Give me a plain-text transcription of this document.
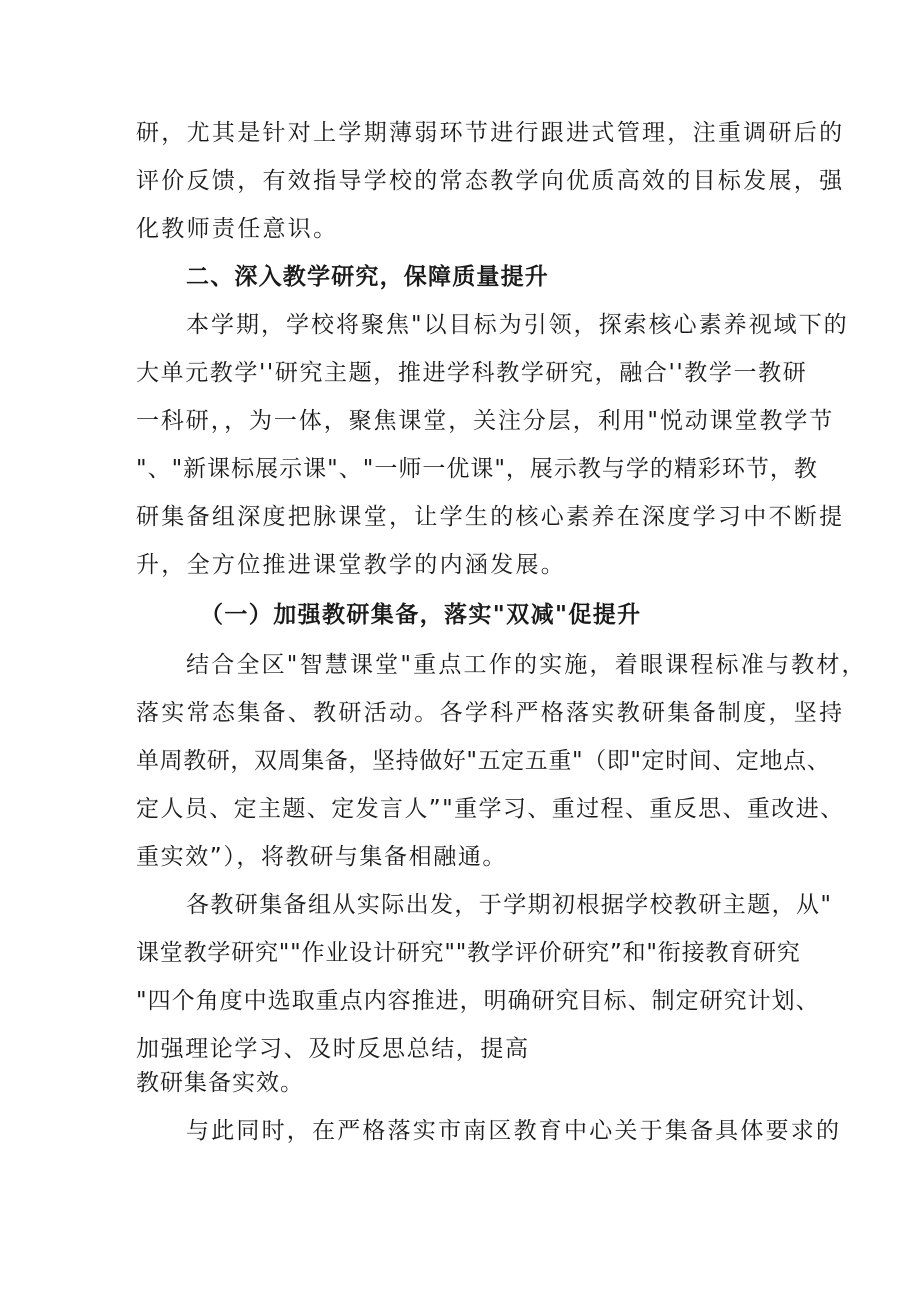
研，尤其是针对上学期薄弱环节进行跟进式管理，注重调研后的
评价反馈，有效指导学校的常态教学向优质高效的目标发展，强
化教师责任意识。
二、深入教学研究，保障质量提升
本学期，学校将聚焦"以目标为引领，探索核心素养视域下的
大单元教学''研究主题，推进学科教学研究，融合''教学一教研
一科研，，为一体，聚焦课堂，关注分层，利用"悦动课堂教学节
"、"新课标展示课"、"一师一优课"，展示教与学的精彩环节，教
研集备组深度把脉课堂，让学生的核心素养在深度学习中不断提
升，全方位推进课堂教学的内涵发展。
（一）加强教研集备，落实"双减"促提升
结合全区"智慧课堂"重点工作的实施，着眼课程标准与教材，
落实常态集备、教研活动。各学科严格落实教研集备制度，坚持
单周教研，双周集备，坚持做好"五定五重"（即"定时间、定地点、
定人员、定主题、定发言人”"重学习、重过程、重反思、重改进、
重实效”），将教研与集备相融通。
各教研集备组从实际出发，于学期初根据学校教研主题，从"
课堂教学研究""作业设计研究""教学评价研究”和"衔接教育研究
"四个角度中选取重点内容推进，明确研究目标、制定研究计划、
加强理论学习、及时反思总结，提高
教研集备实效。
与此同时，在严格落实市南区教育中心关于集备具体要求的
